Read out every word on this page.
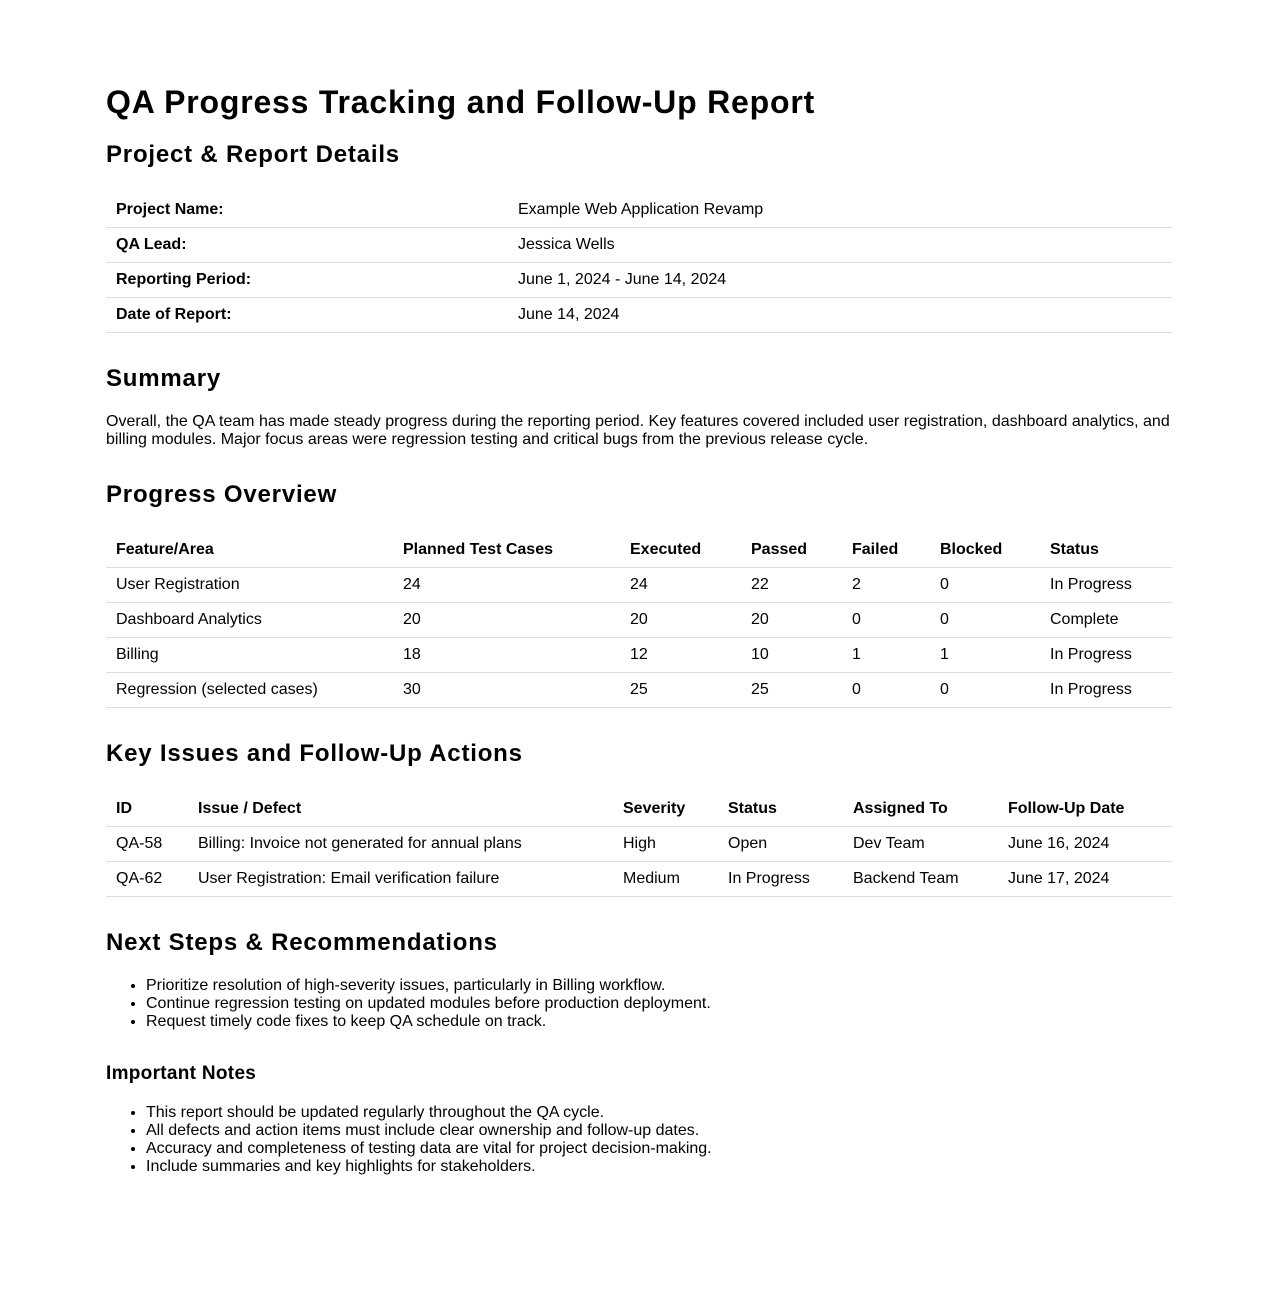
QA Progress Tracking and Follow-Up Report
Project & Report Details
Project Name:	Example Web Application Revamp
QA Lead:	Jessica Wells
Reporting Period:	June 1, 2024 - June 14, 2024
Date of Report:	June 14, 2024
Summary

Overall, the QA team has made steady progress during the reporting period. Key features covered included user registration, dashboard analytics, and billing modules. Major focus areas were regression testing and critical bugs from the previous release cycle.

Progress Overview
Feature/Area	Planned Test Cases	Executed	Passed	Failed	Blocked	Status
User Registration	24	24	22	2	0	In Progress
Dashboard Analytics	20	20	20	0	0	Complete
Billing	18	12	10	1	1	In Progress
Regression (selected cases)	30	25	25	0	0	In Progress
Key Issues and Follow-Up Actions
ID	Issue / Defect	Severity	Status	Assigned To	Follow-Up Date
QA-58	Billing: Invoice not generated for annual plans	High	Open	Dev Team	June 16, 2024
QA-62	User Registration: Email verification failure	Medium	In Progress	Backend Team	June 17, 2024
Next Steps & Recommendations
• Prioritize resolution of high-severity issues, particularly in Billing workflow.
• Continue regression testing on updated modules before production deployment.
• Request timely code fixes to keep QA schedule on track.
Important Notes
• This report should be updated regularly throughout the QA cycle.
• All defects and action items must include clear ownership and follow-up dates.
• Accuracy and completeness of testing data are vital for project decision-making.
• Include summaries and key highlights for stakeholders.
